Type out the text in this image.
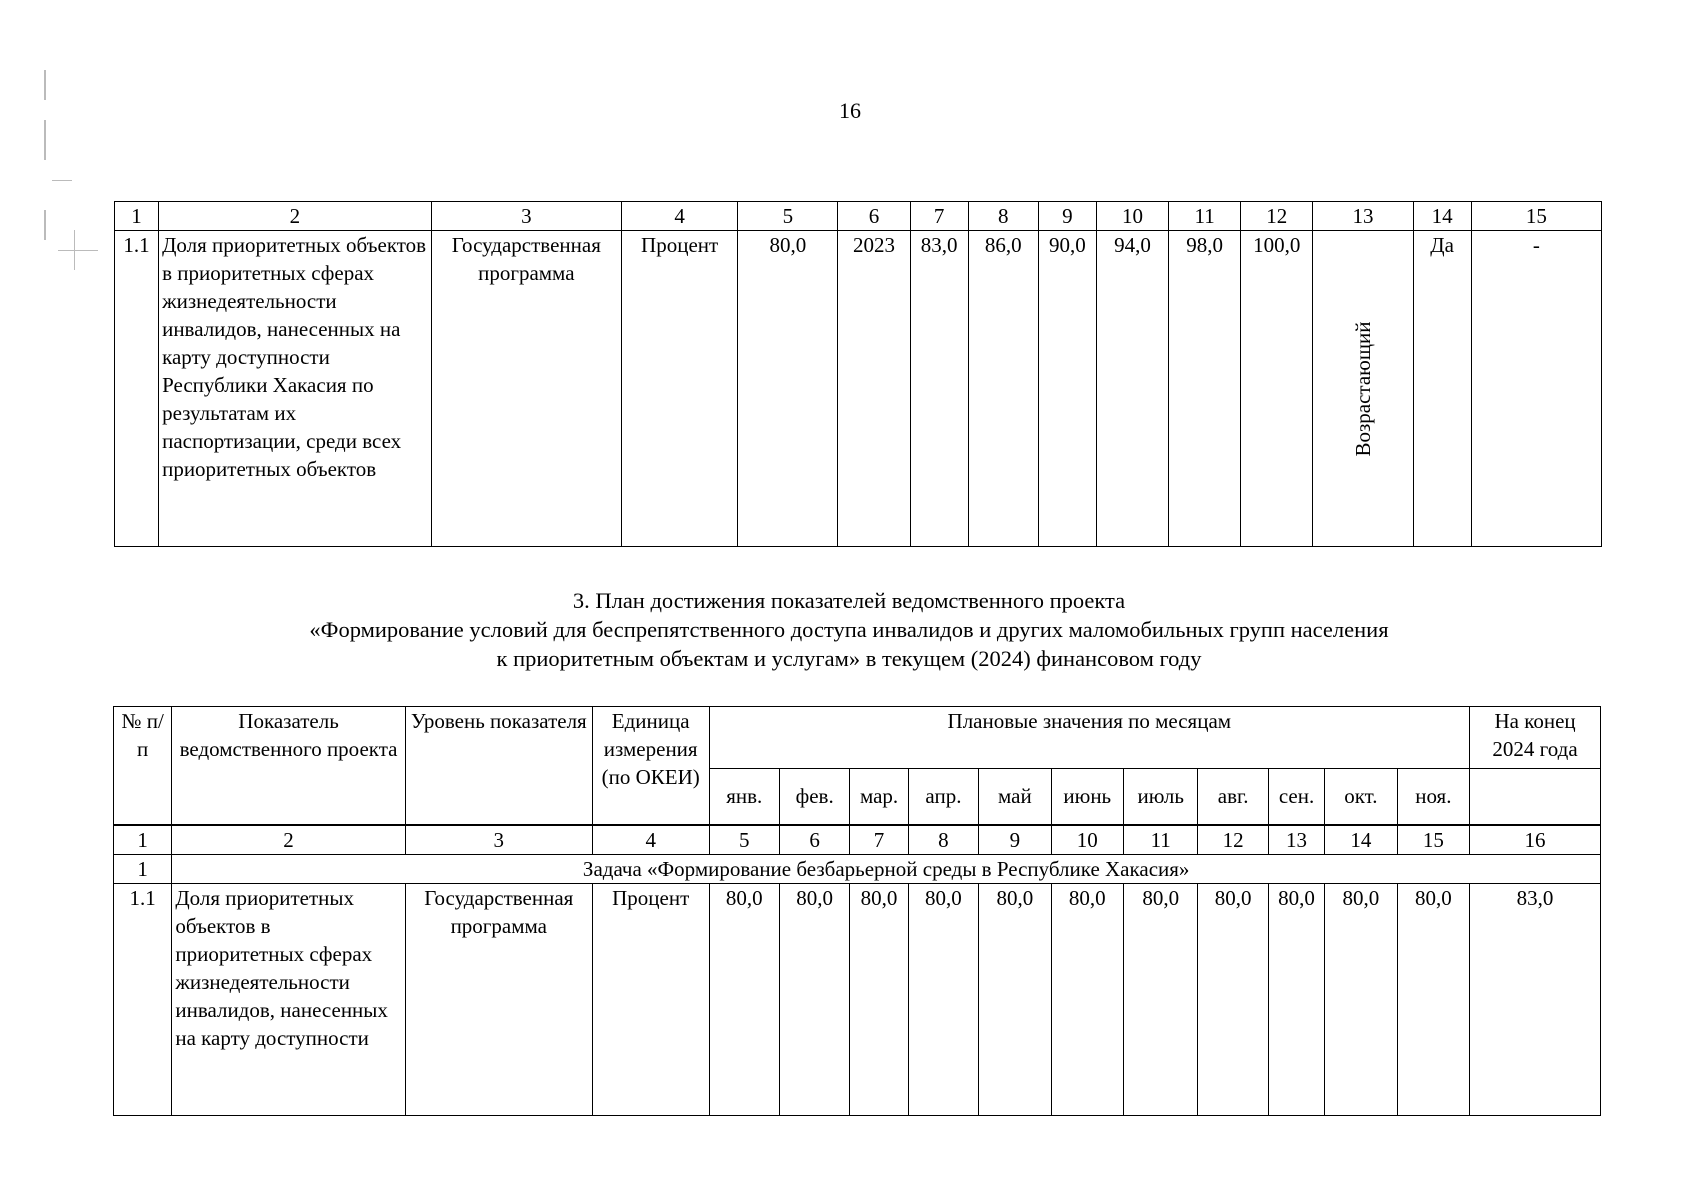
16
1	2	3	4	5	6	7	8	9	10	11	12	13	14	15
1.1	Доля приоритетных объектов в приоритетных сферах жизнедеятельности инвалидов, нанесенных на карту доступности Республики Хакасия по результатам их паспортизации, среди всех приоритетных объектов	Государственная программа	Процент	80,0	2023	83,0	86,0	90,0	94,0	98,0	100,0	Возрастающий	Да	-
3. План достижения показателей ведомственного проекта
«Формирование условий для беспрепятственного доступа инвалидов и других маломобильных групп населения
к приоритетным объектам и услугам» в текущем (2024) финансовом году
№ п/п	Показатель ведомственного проекта	Уровень показателя	Единица измерения (по ОКЕИ)	Плановые значения по месяцам											На конец 2024 года
				янв.	фев.	мар.	апр.	май	июнь	июль	авг.	сен.	окт.	ноя.	
1	2	3	4	5	6	7	8	9	10	11	12	13	14	15	16
1	Задача «Формирование безбарьерной среды в Республике Хакасия»														
1.1	Доля приоритетных объектов в приоритетных сферах жизнедеятельности инвалидов, нанесенных на карту доступности	Государственная программа	Процент	80,0	80,0	80,0	80,0	80,0	80,0	80,0	80,0	80,0	80,0	80,0	83,0
